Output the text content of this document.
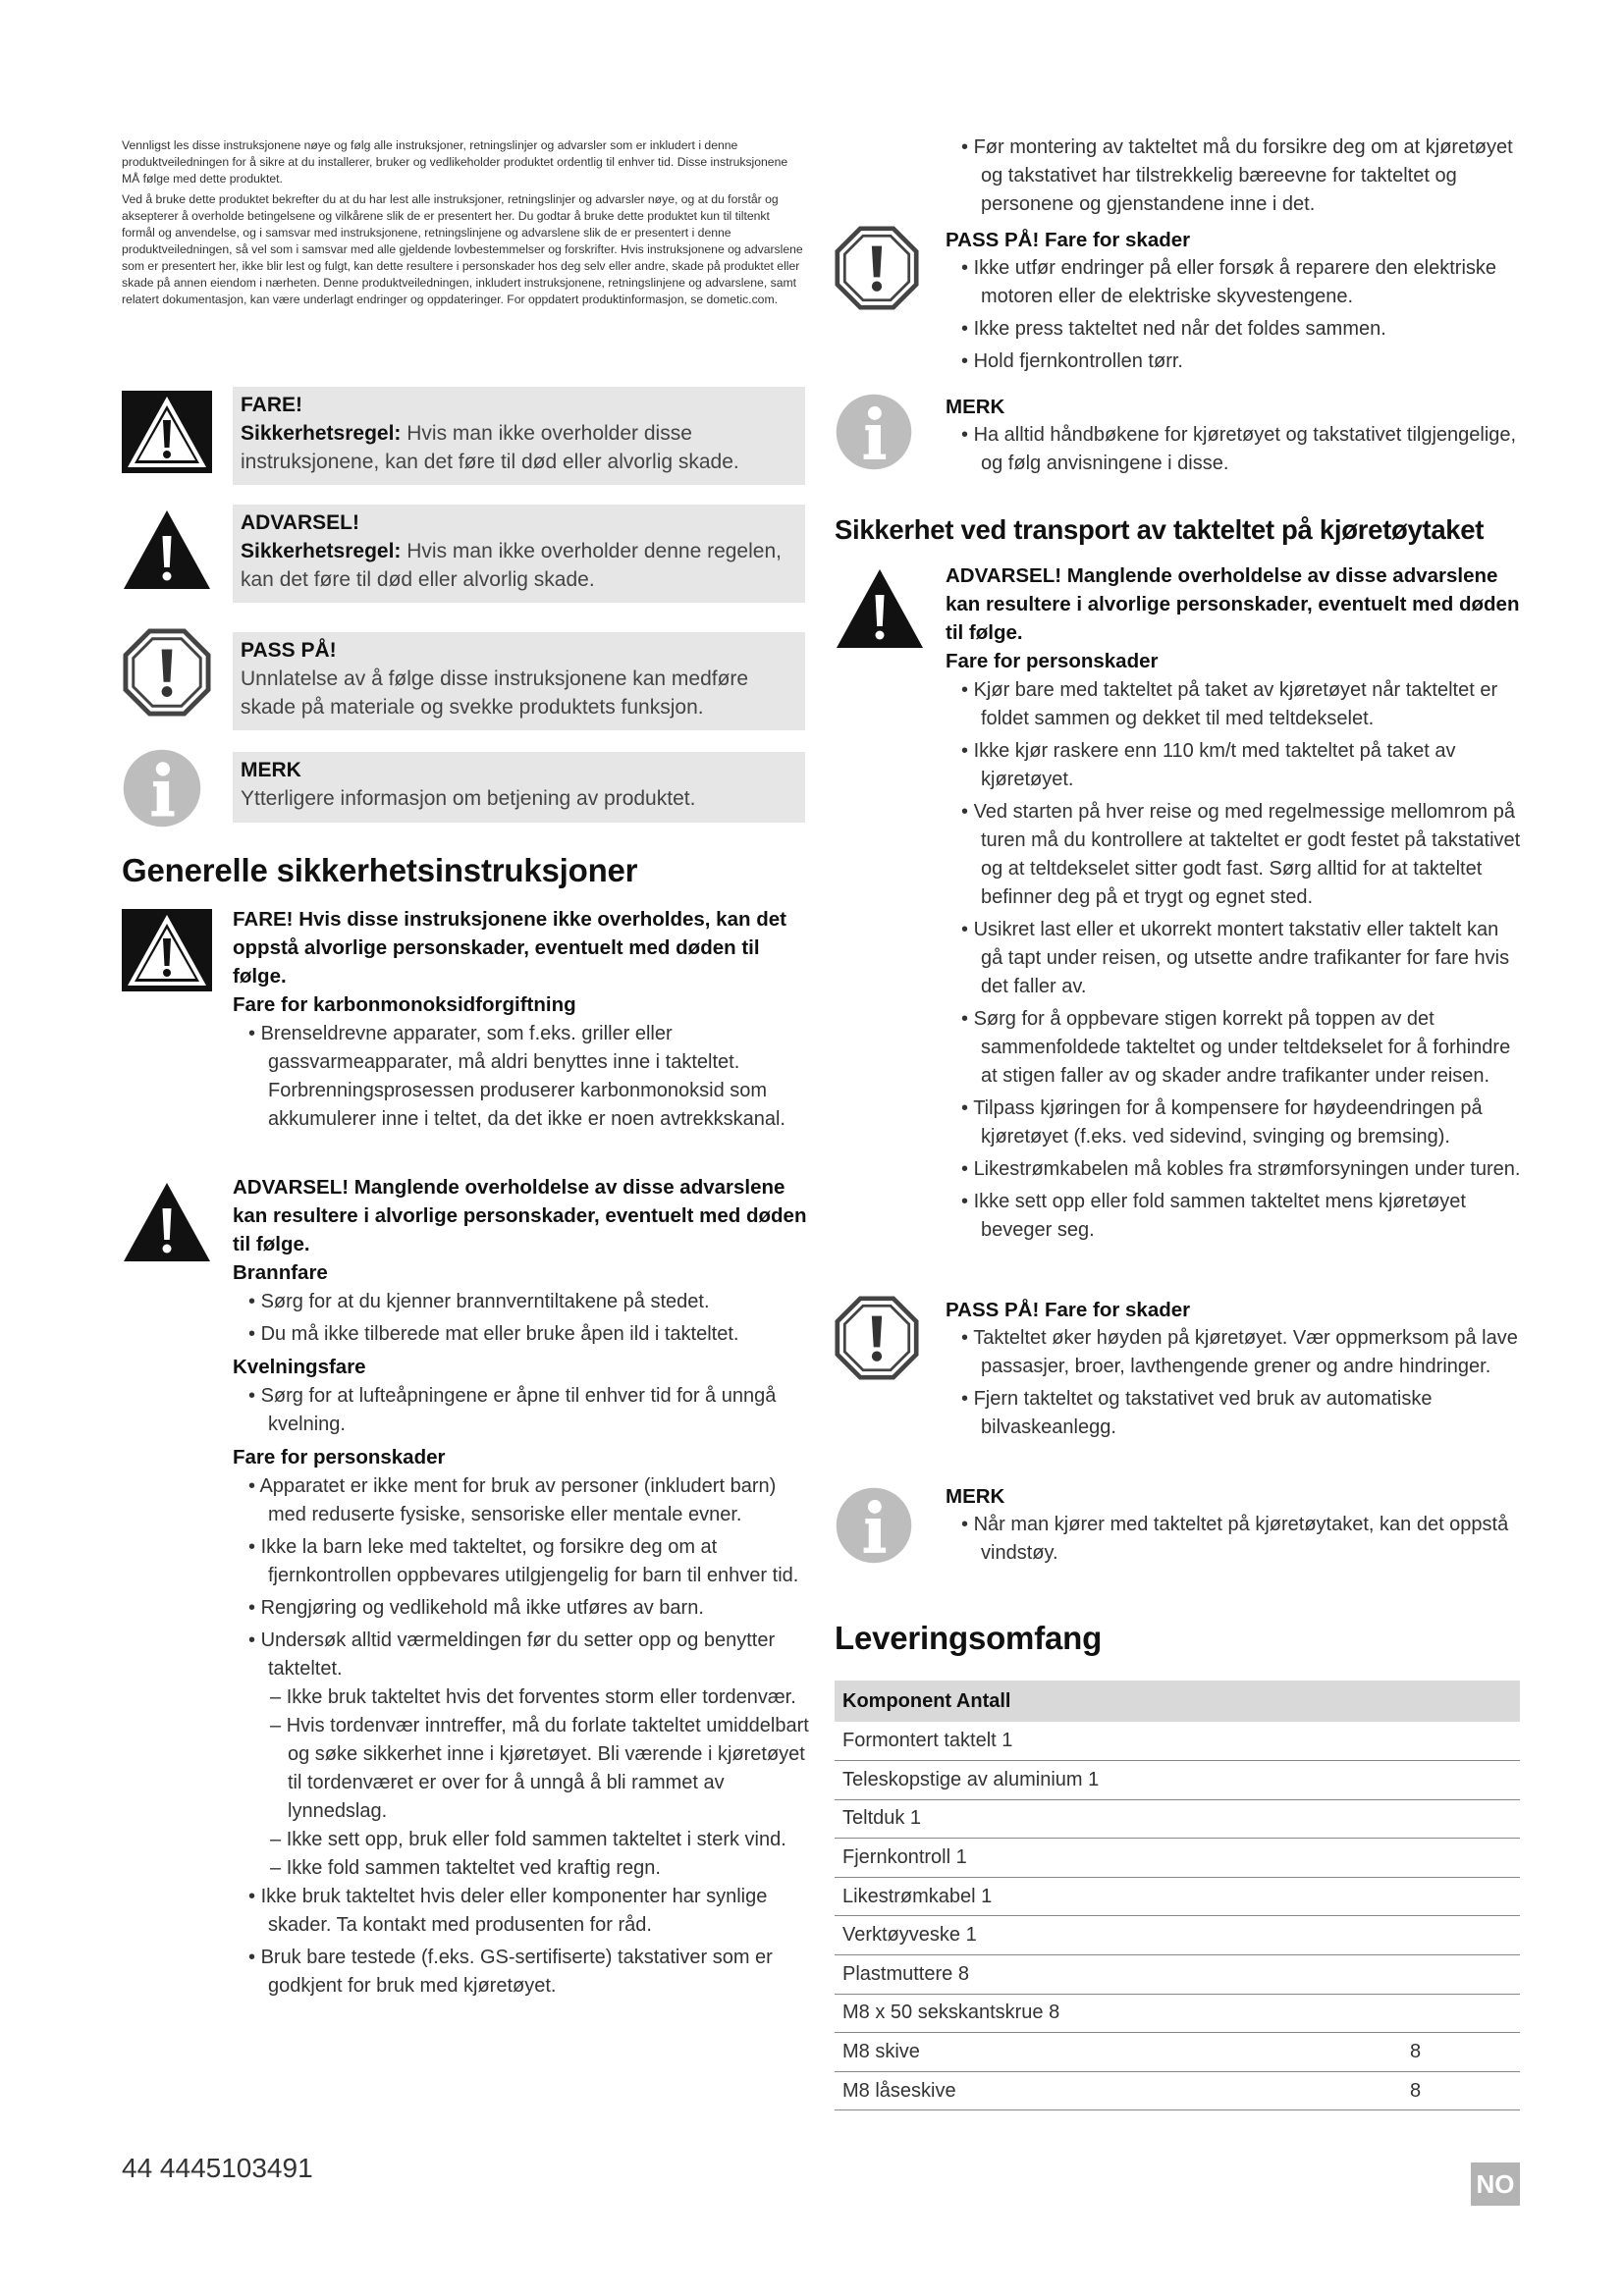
Vennligst les disse instruksjonene nøye og følg alle instruksjoner, retningslinjer og advarsler som er inkludert i denne produktveiledningen for å sikre at du installerer, bruker og vedlikeholder produktet ordentlig til enhver tid. Disse instruksjonene MÅ følge med dette produktet.

Ved å bruke dette produktet bekrefter du at du har lest alle instruksjoner, retningslinjer og advarsler nøye, og at du forstår og aksepterer å overholde betingelsene og vilkårene slik de er presentert her. Du godtar å bruke dette produktet kun til tiltenkt formål og anvendelse, og i samsvar med instruksjonene, retningslinjene og advarslene slik de er presentert i denne produktveiledningen, så vel som i samsvar med alle gjeldende lovbestemmelser og forskrifter. Hvis instruksjonene og advarslene som er presentert her, ikke blir lest og fulgt, kan dette resultere i personskader hos deg selv eller andre, skade på produktet eller skade på annen eiendom i nærheten. Denne produktveiledningen, inkludert instruksjonene, retningslinjene og advarslene, samt relatert dokumentasjon, kan være underlagt endringer og oppdateringer. For oppdatert produktinformasjon, se dometic.com.

FARE!
Sikkerhetsregel: Hvis man ikke overholder disse instruksjonene, kan det føre til død eller alvorlig skade.
ADVARSEL!
Sikkerhetsregel: Hvis man ikke overholder denne regelen, kan det føre til død eller alvorlig skade.
PASS PÅ!
Unnlatelse av å følge disse instruksjonene kan medføre skade på materiale og svekke produktets funksjon.
MERK
Ytterligere informasjon om betjening av produktet.
Generelle sikkerhetsinstruksjoner
FARE! Hvis disse instruksjonene ikke overholdes, kan det oppstå alvorlige personskader, eventuelt med døden til følge.
Fare for karbonmonoksidforgiftning
• Brenseldrevne apparater, som f.eks. griller eller gassvarmeapparater, må aldri benyttes inne i takteltet. Forbrenningsprosessen produserer karbonmonoksid som akkumulerer inne i teltet, da det ikke er noen avtrekkskanal.
ADVARSEL! Manglende overholdelse av disse advarslene kan resultere i alvorlige personskader, eventuelt med døden til følge.
Brannfare
• Sørg for at du kjenner brannverntiltakene på stedet.
• Du må ikke tilberede mat eller bruke åpen ild i takteltet.
Kvelningsfare
• Sørg for at lufteåpningene er åpne til enhver tid for å unngå kvelning.
Fare for personskader
• Apparatet er ikke ment for bruk av personer (inkludert barn) med reduserte fysiske, sensoriske eller mentale evner.
• Ikke la barn leke med takteltet, og forsikre deg om at fjernkontrollen oppbevares utilgjengelig for barn til enhver tid.
• Rengjøring og vedlikehold må ikke utføres av barn.
• Undersøk alltid værmeldingen før du setter opp og benytter takteltet.
– Ikke bruk takteltet hvis det forventes storm eller tordenvær.
– Hvis tordenvær inntreffer, må du forlate takteltet umiddelbart og søke sikkerhet inne i kjøretøyet. Bli værende i kjøretøyet til tordenværet er over for å unngå å bli rammet av lynnedslag.
– Ikke sett opp, bruk eller fold sammen takteltet i sterk vind.
– Ikke fold sammen takteltet ved kraftig regn.
• Ikke bruk takteltet hvis deler eller komponenter har synlige skader. Ta kontakt med produsenten for råd.
• Bruk bare testede (f.eks. GS-sertifiserte) takstativer som er godkjent for bruk med kjøretøyet.
• Før montering av takteltet må du forsikre deg om at kjøretøyet og takstativet har tilstrekkelig bæreevne for takteltet og personene og gjenstandene inne i det.
PASS PÅ! Fare for skader
• Ikke utfør endringer på eller forsøk å reparere den elektriske motoren eller de elektriske skyvestengene.
• Ikke press takteltet ned når det foldes sammen.
• Hold fjernkontrollen tørr.
MERK
• Ha alltid håndbøkene for kjøretøyet og takstativet tilgjengelige, og følg anvisningene i disse.
Sikkerhet ved transport av takteltet på kjøretøytaket
ADVARSEL! Manglende overholdelse av disse advarslene kan resultere i alvorlige personskader, eventuelt med døden til følge.
Fare for personskader
• Kjør bare med takteltet på taket av kjøretøyet når takteltet er foldet sammen og dekket til med teltdekselet.
• Ikke kjør raskere enn 110 km/t med takteltet på taket av kjøretøyet.
• Ved starten på hver reise og med regelmessige mellomrom på turen må du kontrollere at takteltet er godt festet på takstativet og at teltdekselet sitter godt fast. Sørg alltid for at takteltet befinner deg på et trygt og egnet sted.
• Usikret last eller et ukorrekt montert takstativ eller taktelt kan gå tapt under reisen, og utsette andre trafikanter for fare hvis det faller av.
• Sørg for å oppbevare stigen korrekt på toppen av det sammenfoldede takteltet og under teltdekselet for å forhindre at stigen faller av og skader andre trafikanter under reisen.
• Tilpass kjøringen for å kompensere for høydeendringen på kjøretøyet (f.eks. ved sidevind, svinging og bremsing).
• Likestrømkabelen må kobles fra strømforsyningen under turen.
• Ikke sett opp eller fold sammen takteltet mens kjøretøyet beveger seg.
PASS PÅ! Fare for skader
• Takteltet øker høyden på kjøretøyet. Vær oppmerksom på lave passasjer, broer, lavthengende grener og andre hindringer.
• Fjern takteltet og takstativet ved bruk av automatiske bilvaskeanlegg.
MERK
• Når man kjører med takteltet på kjøretøytaket, kan det oppstå vindstøy.
Leveringsomfang
Komponent Antall	
Formontert taktelt 1	
Teleskopstige av aluminium 1	
Teltduk 1	
Fjernkontroll 1	
Likestrømkabel 1	
Verktøyveske 1	
Plastmuttere 8	
M8 x 50 sekskantskrue 8	
M8 skive	8
M8 låseskive	8
44 4445103491
NO
